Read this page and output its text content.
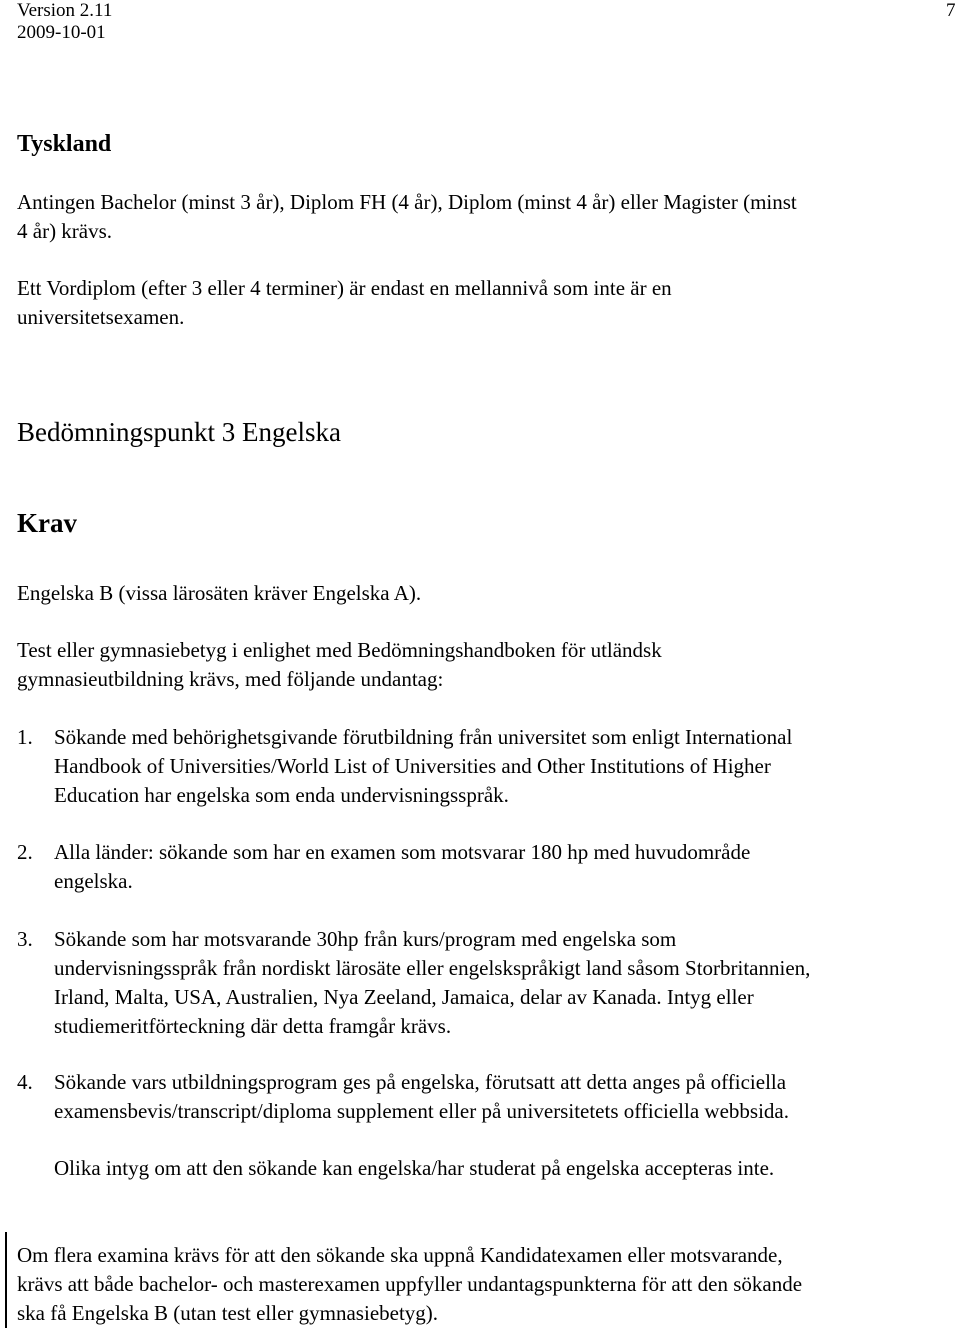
Version 2.11
2009-10-01
7
Tyskland
Antingen Bachelor (minst 3 år), Diplom FH (4 år), Diplom (minst 4 år) eller Magister (minst
4 år) krävs.
Ett Vordiplom (efter 3 eller 4 terminer) är endast en mellannivå som inte är en
universitetsexamen.
Bedömningspunkt 3 Engelska
Krav
Engelska B (vissa lärosäten kräver Engelska A).
Test eller gymnasiebetyg i enlighet med Bedömningshandboken för utländsk
gymnasieutbildning krävs, med följande undantag:
1. Sökande med behörighetsgivande förutbildning från universitet som enligt International
Handbook of Universities/World List of Universities and Other Institutions of Higher
Education har engelska som enda undervisningsspråk.
2. Alla länder: sökande som har en examen som motsvarar 180 hp med huvudområde
engelska.
3. Sökande som har motsvarande 30hp från kurs/program med engelska som
undervisningsspråk från nordiskt lärosäte eller engelskspråkigt land såsom Storbritannien,
Irland, Malta, USA, Australien, Nya Zeeland, Jamaica, delar av Kanada. Intyg eller
studiemeritförteckning där detta framgår krävs.
4. Sökande vars utbildningsprogram ges på engelska, förutsatt att detta anges på officiella
examensbevis/transcript/diploma supplement eller på universitetets officiella webbsida.
Olika intyg om att den sökande kan engelska/har studerat på engelska accepteras inte.
Om flera examina krävs för att den sökande ska uppnå Kandidatexamen eller motsvarande,
krävs att både bachelor- och masterexamen uppfyller undantagspunkterna för att den sökande
ska få Engelska B (utan test eller gymnasiebetyg).
